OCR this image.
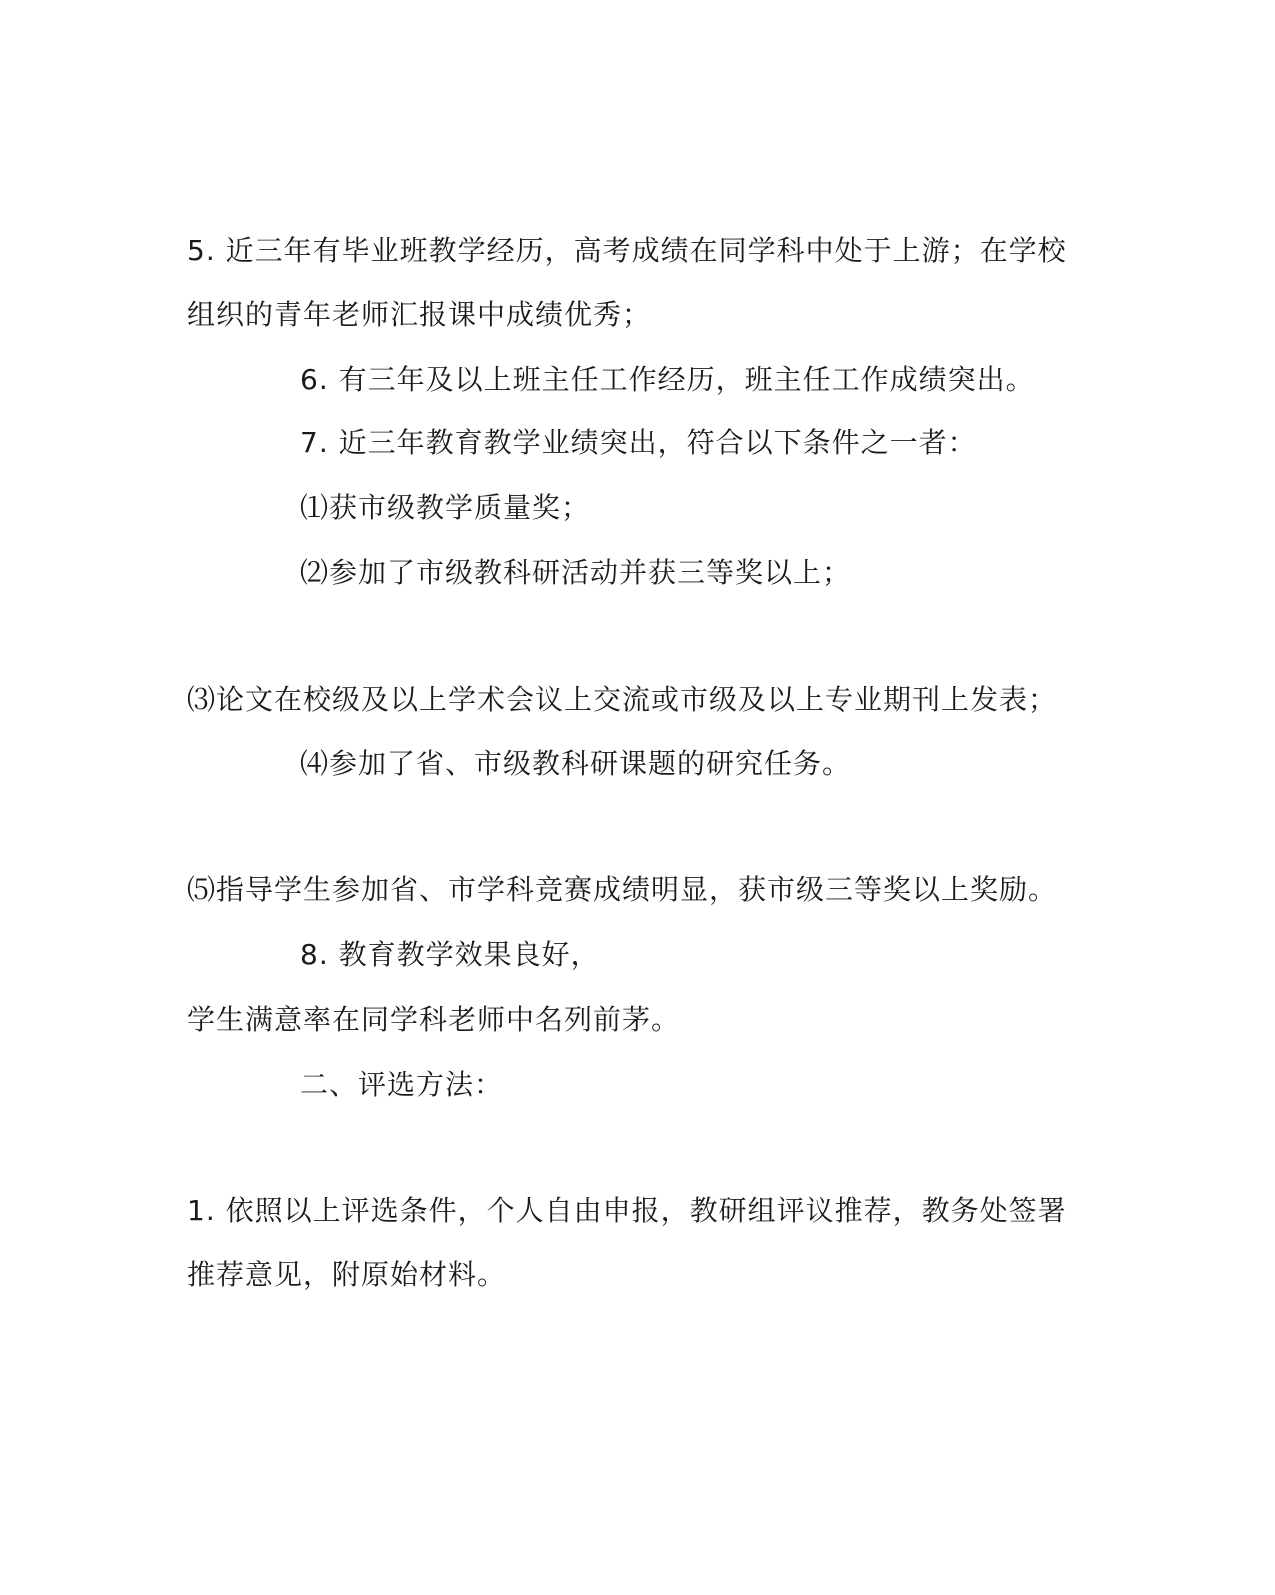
5. 近三年有毕业班教学经历，高考成绩在同学科中处于上游；在学校
组织的青年老师汇报课中成绩优秀；
6. 有三年及以上班主任工作经历，班主任工作成绩突出。
7. 近三年教育教学业绩突出，符合以下条件之一者：
⑴获市级教学质量奖；
⑵参加了市级教科研活动并获三等奖以上；
⑶论文在校级及以上学术会议上交流或市级及以上专业期刊上发表；
⑷参加了省、市级教科研课题的研究任务。
⑸指导学生参加省、市学科竞赛成绩明显，获市级三等奖以上奖励。
8. 教育教学效果良好，
学生满意率在同学科老师中名列前茅。
二、评选方法：
1. 依照以上评选条件，个人自由申报，教研组评议推荐，教务处签署
推荐意见，附原始材料。
